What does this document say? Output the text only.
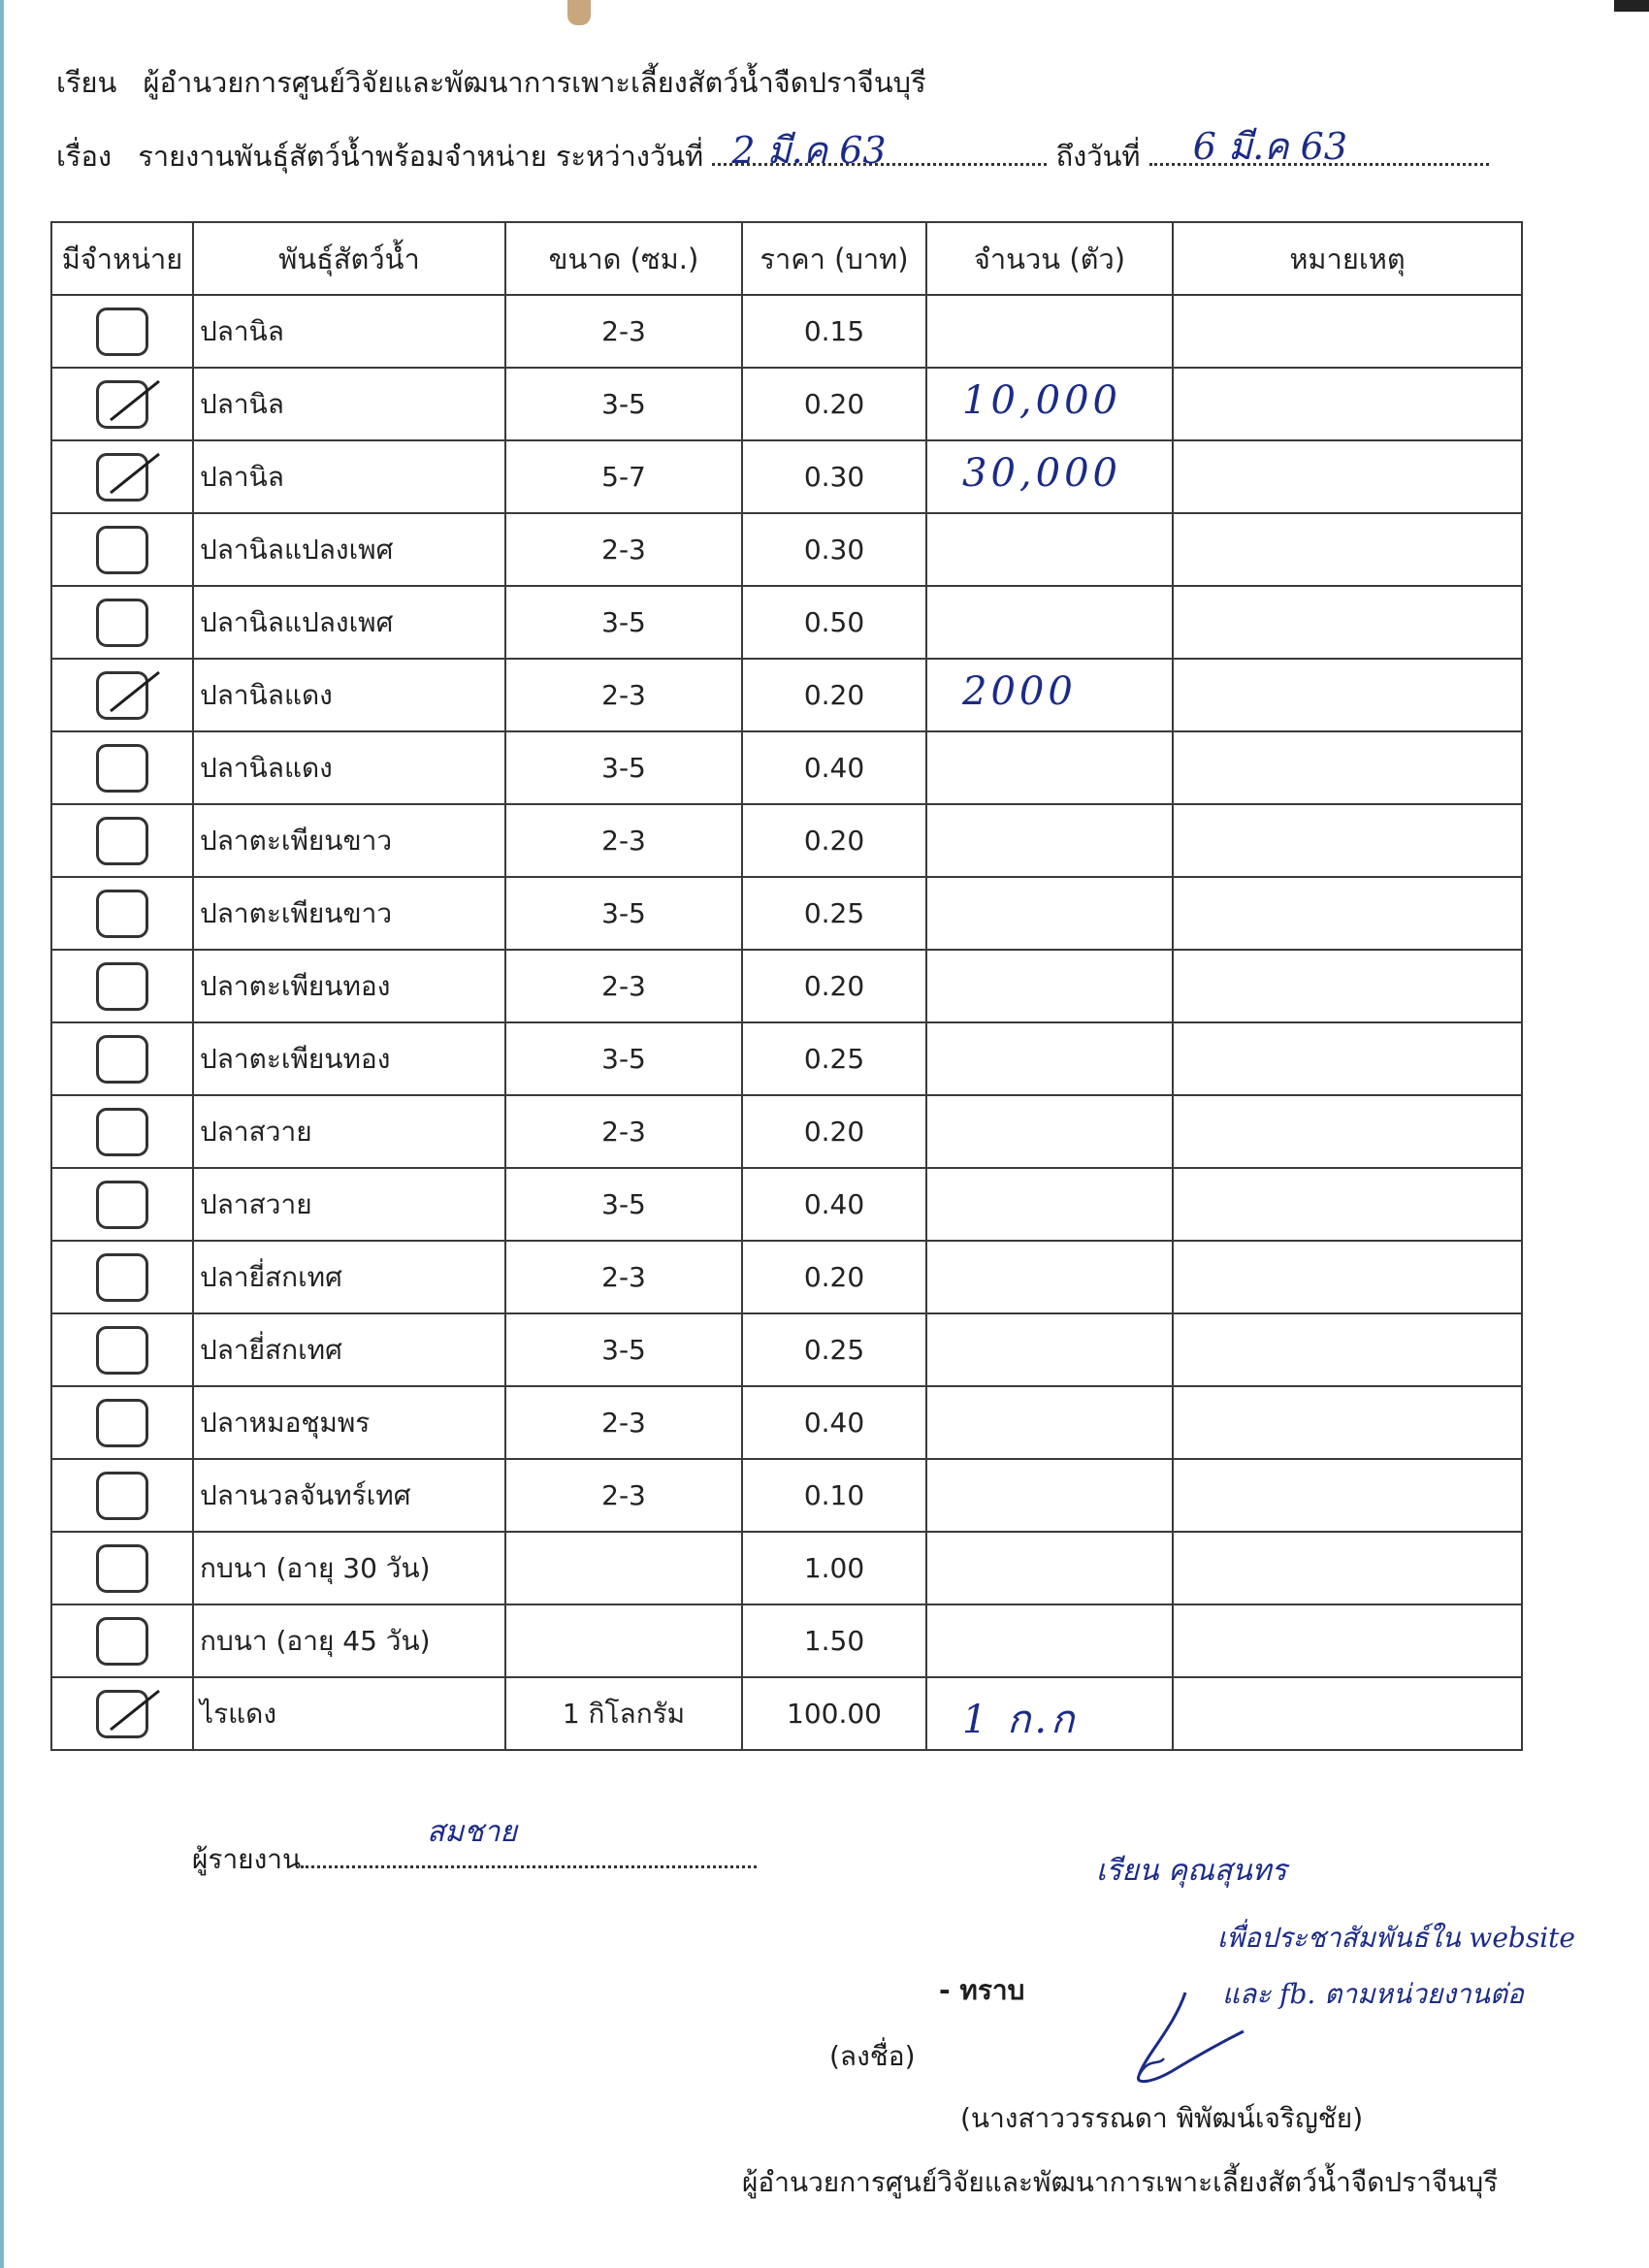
เรียน ผู้อำนวยการศูนย์วิจัยและพัฒนาการเพาะเลี้ยงสัตว์น้ำจืดปราจีนบุรี
เรื่อง รายงานพันธุ์สัตว์น้ำพร้อมจำหน่าย ระหว่างวันที่ 2 มี.ค 63	ถึงวันที่ 6 มี.ค 63
มีจำหน่าย	พันธุ์สัตว์น้ำ	ขนาด (ซม.)	ราคา (บาท)	จำนวน (ตัว)	หมายเหตุ

	ปลานิล	2-3	0.15	

	ปลานิล	3-5	0.20	10,000	

	ปลานิล	5-7	0.30	30,000	

	ปลานิลแปลงเพศ	2-3	0.30	

	ปลานิลแปลงเพศ	3-5	0.50	

	ปลานิลแดง	2-3	0.20	2000	

	ปลานิลแดง	3-5	0.40	

	ปลาตะเพียนขาว	2-3	0.20	

	ปลาตะเพียนขาว	3-5	0.25	

	ปลาตะเพียนทอง	2-3	0.20	

	ปลาตะเพียนทอง	3-5	0.25	

	ปลาสวาย	2-3	0.20	

	ปลาสวาย	3-5	0.40	

	ปลายี่สกเทศ	2-3	0.20	

	ปลายี่สกเทศ	3-5	0.25	

	ปลาหมอชุมพร	2-3	0.40	

	ปลานวลจันทร์เทศ	2-3	0.10	

	กบนา (อายุ 30 วัน)		1.00	

	กบนา (อายุ 45 วัน)		1.50	

	ไรแดง	1 กิโลกรัม	100.00	1 ก.ก	

ผู้รายงาน
สมชาย
เรียน คุณสุนทร
เพื่อประชาสัมพันธ์ใน website
และ fb. ตามหน่วยงานต่อ
- ทราบ
(ลงชื่อ)
(นางสาววรรณดา พิพัฒน์เจริญชัย)
ผู้อำนวยการศูนย์วิจัยและพัฒนาการเพาะเลี้ยงสัตว์น้ำจืดปราจีนบุรี
